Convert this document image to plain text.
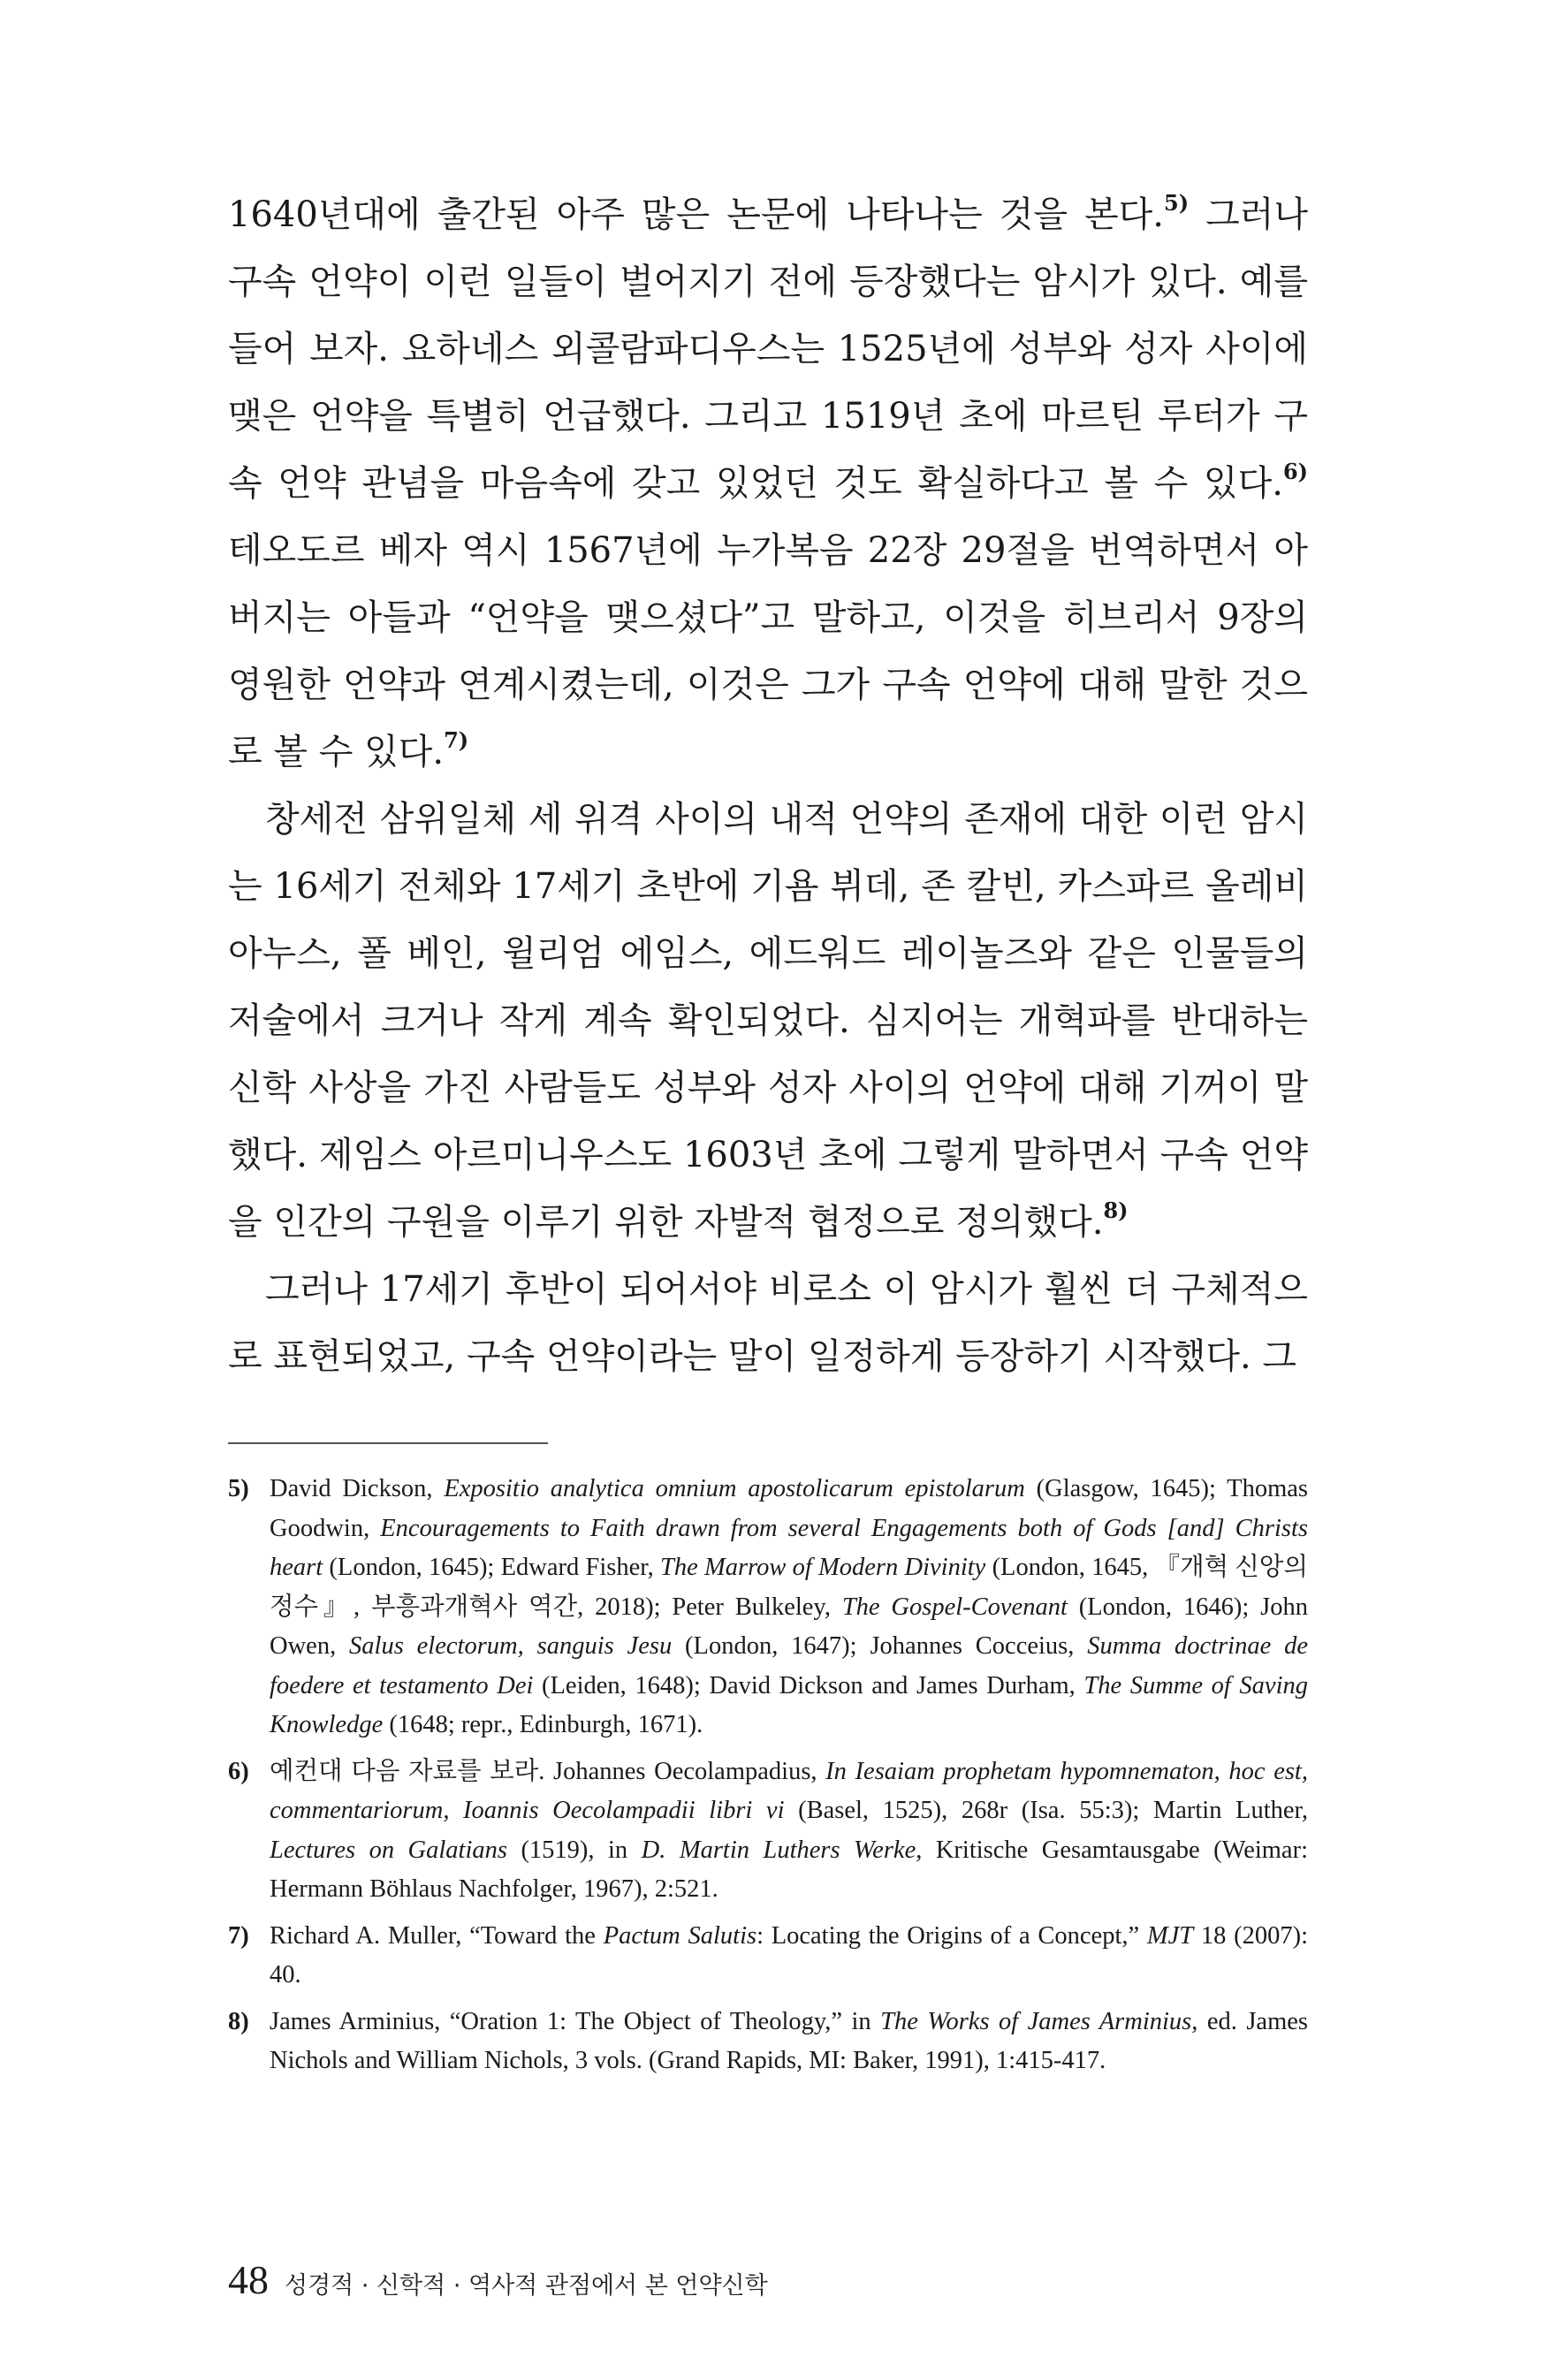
1640년대에 출간된 아주 많은 논문에 나타나는 것을 본다.$^{5)}$ 그러나 구속 언약이 이런 일들이 벌어지기 전에 등장했다는 암시가 있다. 예를 들어 보자. 요하네스 외콜람파디우스는 1525년에 성부와 성자 사이에 맺은 언약을 특별히 언급했다. 그리고 1519년 초에 마르틴 루터가 구속 언약 관념을 마음속에 갖고 있었던 것도 확실하다고 볼 수 있다.$^{6)}$ 테오도르 베자 역시 1567년에 누가복음 22장 29절을 번역하면서 아버지는 아들과 “언약을 맺으셨다”고 말하고, 이것을 히브리서 9장의 영원한 언약과 연계시켰는데, 이것은 그가 구속 언약에 대해 말한 것으로 볼 수 있다.$^{7)}$

창세전 삼위일체 세 위격 사이의 내적 언약의 존재에 대한 이런 암시는 16세기 전체와 17세기 초반에 기욤 뷔데, 존 칼빈, 카스파르 올레비아누스, 폴 베인, 윌리엄 에임스, 에드워드 레이놀즈와 같은 인물들의 저술에서 크거나 작게 계속 확인되었다. 심지어는 개혁파를 반대하는 신학 사상을 가진 사람들도 성부와 성자 사이의 언약에 대해 기꺼이 말했다. 제임스 아르미니우스도 1603년 초에 그렇게 말하면서 구속 언약을 인간의 구원을 이루기 위한 자발적 협정으로 정의했다.$^{8)}$

그러나 17세기 후반이 되어서야 비로소 이 암시가 훨씬 더 구체적으로 표현되었고, 구속 언약이라는 말이 일정하게 등장하기 시작했다. 그

5) David Dickson, Expositio analytica omnium apostolicarum epistolarum (Glasgow, 1645); Thomas Goodwin, Encouragements to Faith drawn from several Engagements both of Gods [and] Christs heart (London, 1645); Edward Fisher, The Marrow of Modern Divinity (London, 1645, 『개혁 신앙의 정수』, 부흥과개혁사 역간, 2018); Peter Bulkeley, The Gospel-Covenant (London, 1646); John Owen, Salus electorum, sanguis Jesu (London, 1647); Johannes Cocceius, Summa doctrinae de foedere et testamento Dei (Leiden, 1648); David Dickson and James Durham, The Summe of Saving Knowledge (1648; repr., Edinburgh, 1671).
6) 예컨대 다음 자료를 보라. Johannes Oecolampadius, In Iesaiam prophetam hypomnematon, hoc est, commentariorum, Ioannis Oecolampadii libri vi (Basel, 1525), 268r (Isa. 55:3); Martin Luther, Lectures on Galatians (1519), in D. Martin Luthers Werke, Kritische Gesamtausgabe (Weimar: Hermann Böhlaus Nachfolger, 1967), 2:521.
7) Richard A. Muller, “Toward the Pactum Salutis: Locating the Origins of a Concept,” MJT 18 (2007): 40.
8) James Arminius, “Oration 1: The Object of Theology,” in The Works of James Arminius, ed. James Nichols and William Nichols, 3 vols. (Grand Rapids, MI: Baker, 1991), 1:415-417.
48 성경적 · 신학적 · 역사적 관점에서 본 언약신학
